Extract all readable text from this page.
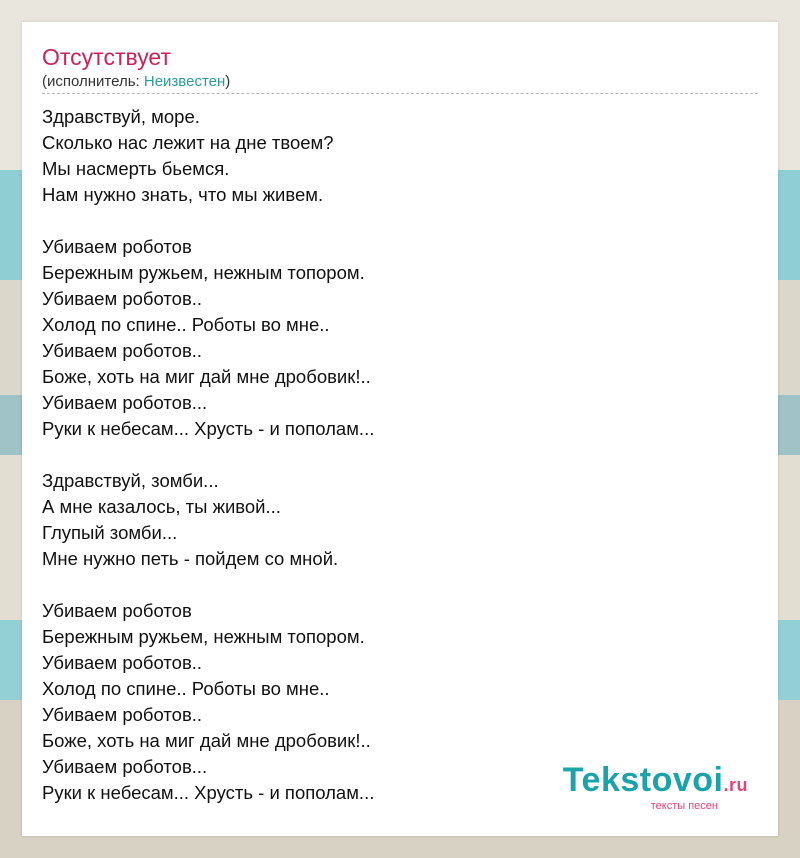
Отсутствует
(исполнитель: Неизвестен)
Здравствуй, море.
Сколько нас лежит на дне твоем?
Мы насмерть бьемся.
Нам нужно знать, что мы живем.
Убиваем роботов
Бережным ружьем, нежным топором.
Убиваем роботов..
Холод по спине.. Роботы во мне..
Убиваем роботов..
Боже, хоть на миг дай мне дробовик!..
Убиваем роботов...
Руки к небесам... Хрусть - и пополам...
Здравствуй, зомби...
А мне казалось, ты живой...
Глупый зомби...
Мне нужно петь - пойдем со мной.
Убиваем роботов
Бережным ружьем, нежным топором.
Убиваем роботов..
Холод по спине.. Роботы во мне..
Убиваем роботов..
Боже, хоть на миг дай мне дробовик!..
Убиваем роботов...
Руки к небесам... Хрусть - и пополам...	Tekstovoi.ru
тексты песен
